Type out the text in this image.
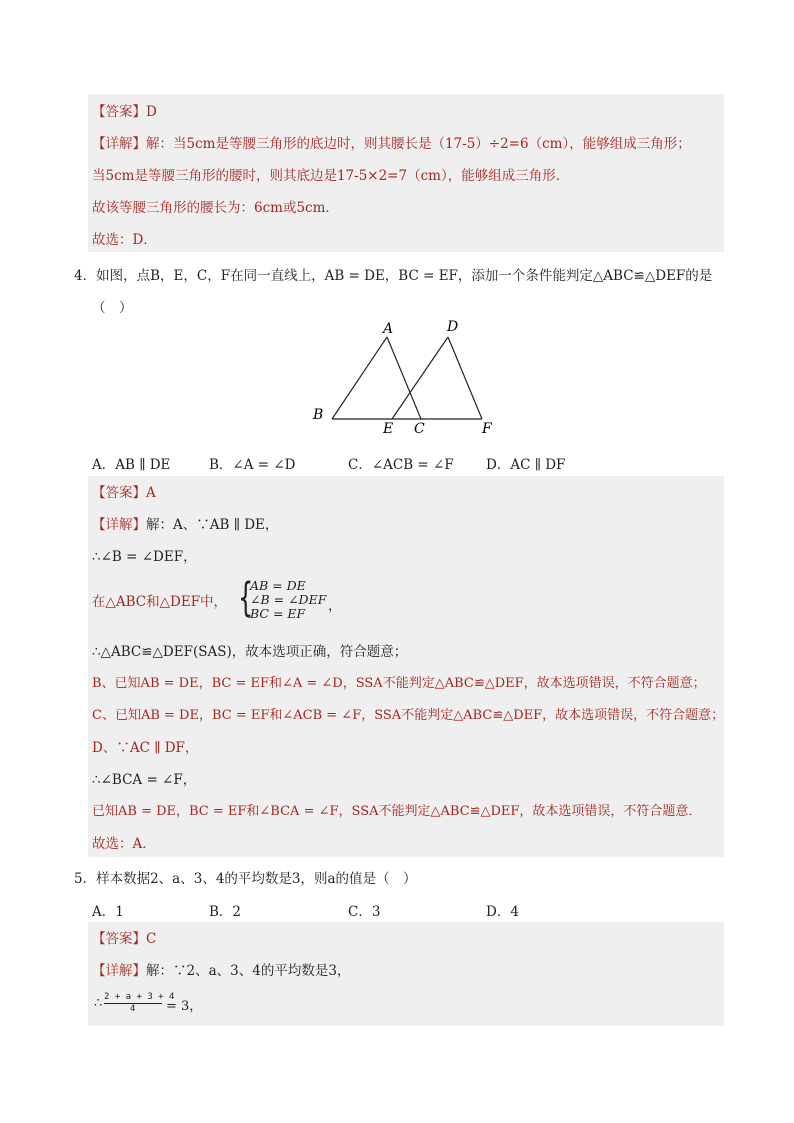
【答案】D
【详解】解：当5cm是等腰三角形的底边时，则其腰长是（17-5）÷2=6（cm），能够组成三角形；
当5cm是等腰三角形的腰时，则其底边是17-5×2=7（cm），能够组成三角形．
故该等腰三角形的腰长为：6cm或5cm．
故选：D．
4．如图，点B，E，C，F在同一直线上，AB = DE，BC = EF，添加一个条件能判定△ABC≌△DEF的是
（　）
A	D
B
E C	F
A．AB ∥ DE	B．∠A = ∠D	C．∠ACB = ∠F D．AC ∥ DF
【答案】A
【详解】解：A、∵AB ∥ DE，
∴∠B = ∠DEF，
在△ABC和△DEF中， {
AB = DE
∠B = ∠DEF
BC = EF ，
∴△ABC≌△DEF(SAS)，故本选项正确，符合题意；
B、已知AB = DE，BC = EF和∠A = ∠D，SSA不能判定△ABC≌△DEF，故本选项错误，不符合题意；
C、已知AB = DE，BC = EF和∠ACB = ∠F，SSA不能判定△ABC≌△DEF，故本选项错误，不符合题意；
D、∵AC ∥ DF，
∴∠BCA = ∠F，
已知AB = DE，BC = EF和∠BCA = ∠F，SSA不能判定△ABC≌△DEF，故本选项错误，不符合题意．
故选：A．
5．样本数据2、a、3、4的平均数是3，则a的值是（　）
A．1	B．2	C．3	D．4
【答案】C
【详解】解：∵2、a、3、4的平均数是3，
∴ 2 + a + 3 + 4
4 = 3，
